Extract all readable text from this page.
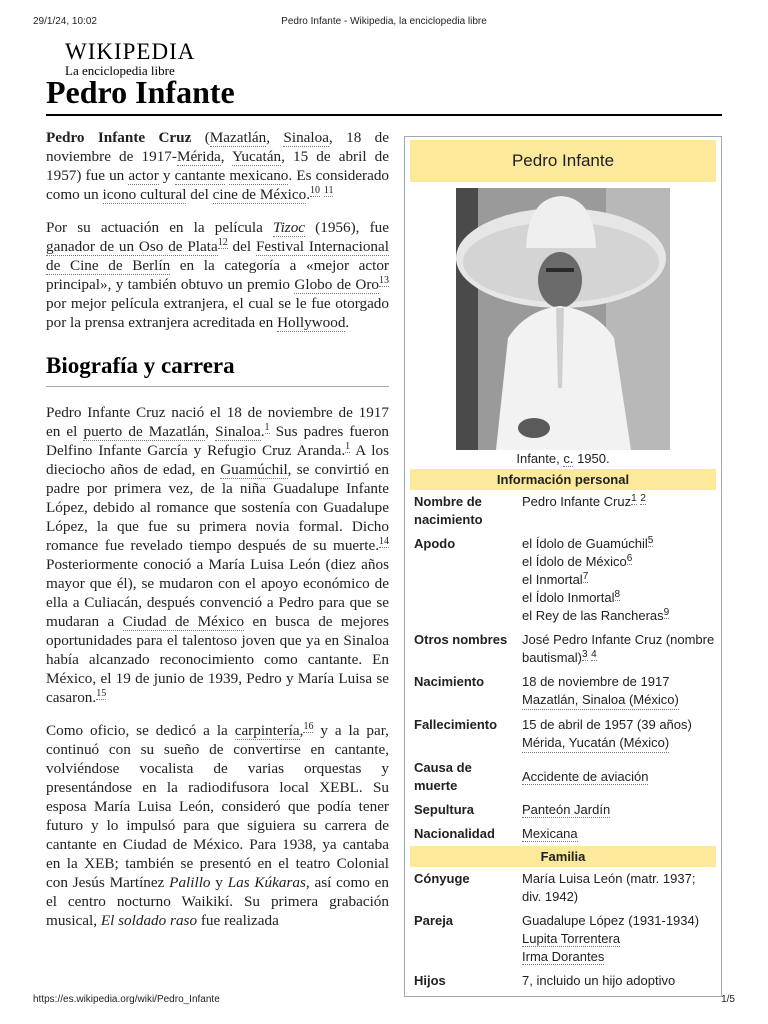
29/1/24, 10:02	Pedro Infante - Wikipedia, la enciclopedia libre
WIKIPEDIA
La enciclopedia libre
Pedro Infante

Pedro Infante Cruz (Mazatlán, Sinaloa, 18 de noviembre de 1917-Mérida, Yucatán, 15 de abril de 1957) fue un actor y cantante mexicano. Es considerado como un icono cultural del cine de México.$^{10}$ $^{11}$

Por su actuación en la película Tizoc (1956), fue ganador de un Oso de Plata$^{12}$ del Festival Internacional de Cine de Berlín en la categoría a «mejor actor principal», y también obtuvo un premio Globo de Oro$^{13}$ por mejor película extranjera, el cual se le fue otorgado por la prensa extranjera acreditada en Hollywood.

Biografía y carrera

Pedro Infante Cruz nació el 18 de noviembre de 1917 en el puerto de Mazatlán, Sinaloa.$^1$ Sus padres fueron Delfino Infante García y Refugio Cruz Aranda.$^1$ A los dieciocho años de edad, en Guamúchil, se convirtió en padre por primera vez, de la niña Guadalupe Infante López, debido al romance que sostenía con Guadalupe López, la que fue su primera novia formal. Dicho romance fue revelado tiempo después de su muerte.$^{14}$ Posteriormente conoció a María Luisa León (diez años mayor que él), se mudaron con el apoyo económico de ella a Culiacán, después convenció a Pedro para que se mudaran a Ciudad de México en busca de mejores oportunidades para el talentoso joven que ya en Sinaloa había alcanzado reconocimiento como cantante. En México, el 19 de junio de 1939, Pedro y María Luisa se casaron.$^{15}$

Como oficio, se dedicó a la carpintería,$^{16}$ y a la par, continuó con su sueño de convertirse en cantante, volviéndose vocalista de varias orquestas y presentándose en la radiodifusora local XEBL. Su esposa María Luisa León, consideró que podía tener futuro y lo impulsó para que siguiera su carrera de cantante en Ciudad de México. Para 1938, ya cantaba en la XEB; también se presentó en el teatro Colonial con Jesús Martínez Palillo y Las Kúkaras, así como en el centro nocturno Waikikí. Su primera grabación musical, El soldado raso fue realizada

Pedro Infante
Infante, c. 1950.
Información personal
Nombre de nacimiento	Pedro Infante Cruz$^1$ $^2$
Apodo	el Ídolo de Guamúchil$^5$
el Ídolo de México$^6$
el Inmortal$^7$
el Ídolo Inmortal$^8$
el Rey de las Rancheras$^9$

Otros nombres	José Pedro Infante Cruz (nombre bautismal)$^3$ $^4$
Nacimiento	18 de noviembre de 1917
Mazatlán, Sinaloa (México)
Fallecimiento	15 de abril de 1957 (39 años)
Mérida, Yucatán (México)
Causa de muerte	Accidente de aviación
Sepultura	Panteón Jardín
Nacionalidad	Mexicana
Familia
Cónyuge	María Luisa León (matr. 1937; div. 1942)
Pareja	Guadalupe López (1931-1934)
Lupita Torrentera
Irma Dorantes

Hijos	7, incluido un hijo adoptivo
https://es.wikipedia.org/wiki/Pedro_Infante	1/5
